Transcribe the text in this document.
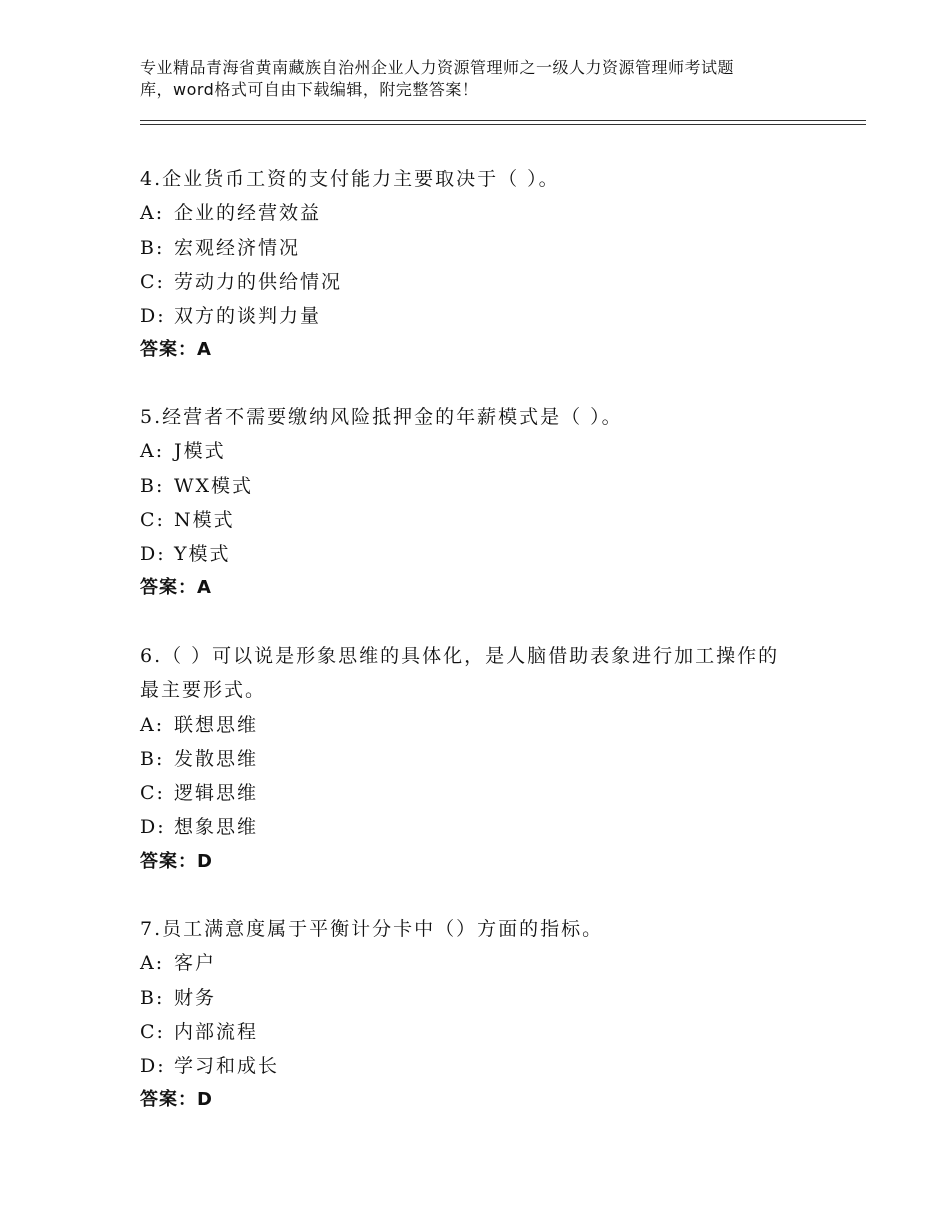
专业精品青海省黄南藏族自治州企业人力资源管理师之一级人力资源管理师考试题
库，word格式可自由下载编辑，附完整答案！
4.企业货币工资的支付能力主要取决于（ ）。
A: 企业的经营效益
B: 宏观经济情况
C: 劳动力的供给情况
D: 双方的谈判力量
答案：A
5.经营者不需要缴纳风险抵押金的年薪模式是（ ）。
A: J模式
B: WX模式
C: N模式
D: Y模式
答案：A
6.（ ）可以说是形象思维的具体化，是人脑借助表象进行加工操作的
最主要形式。
A: 联想思维
B: 发散思维
C: 逻辑思维
D: 想象思维
答案：D
7.员工满意度属于平衡计分卡中（）方面的指标。
A: 客户
B: 财务
C: 内部流程
D: 学习和成长
答案：D
